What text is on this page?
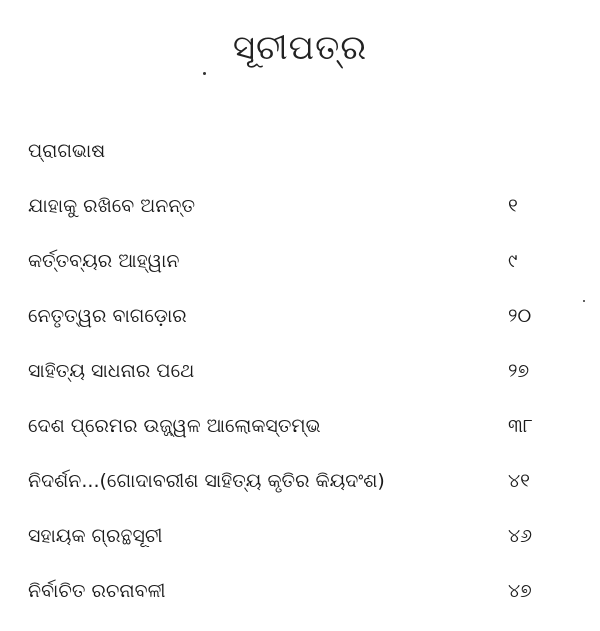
ସୂଚୀପତ୍ର
ପ୍ରାଗଭାଷ
ଯାହାକୁ ରଖିବେ ଅନନ୍ତ	୧
କର୍ତ୍ତବ୍ୟର ଆହ୍ୱାନ	୯
ନେତୃତ୍ୱର ବାଗଡ଼ୋର	୨୦
ସାହିତ୍ୟ ସାଧନାର ପଥେ	୨୭
ଦେଶ ପ୍ରେମର ଉଜ୍ଜ୍ୱଳ ଆଲୋକସ୍ତମ୍ଭ	୩୮
ନିଦର୍ଶନ...(ଗୋଦାବରୀଶ ସାହିତ୍ୟ କୃତିର କିୟଦଂଶ)	୪୧
ସହାୟକ ଗ୍ରନ୍ଥସୂଚୀ	୪୬
ନିର୍ବାଚିତ ରଚନାବଳୀ	୪୭
